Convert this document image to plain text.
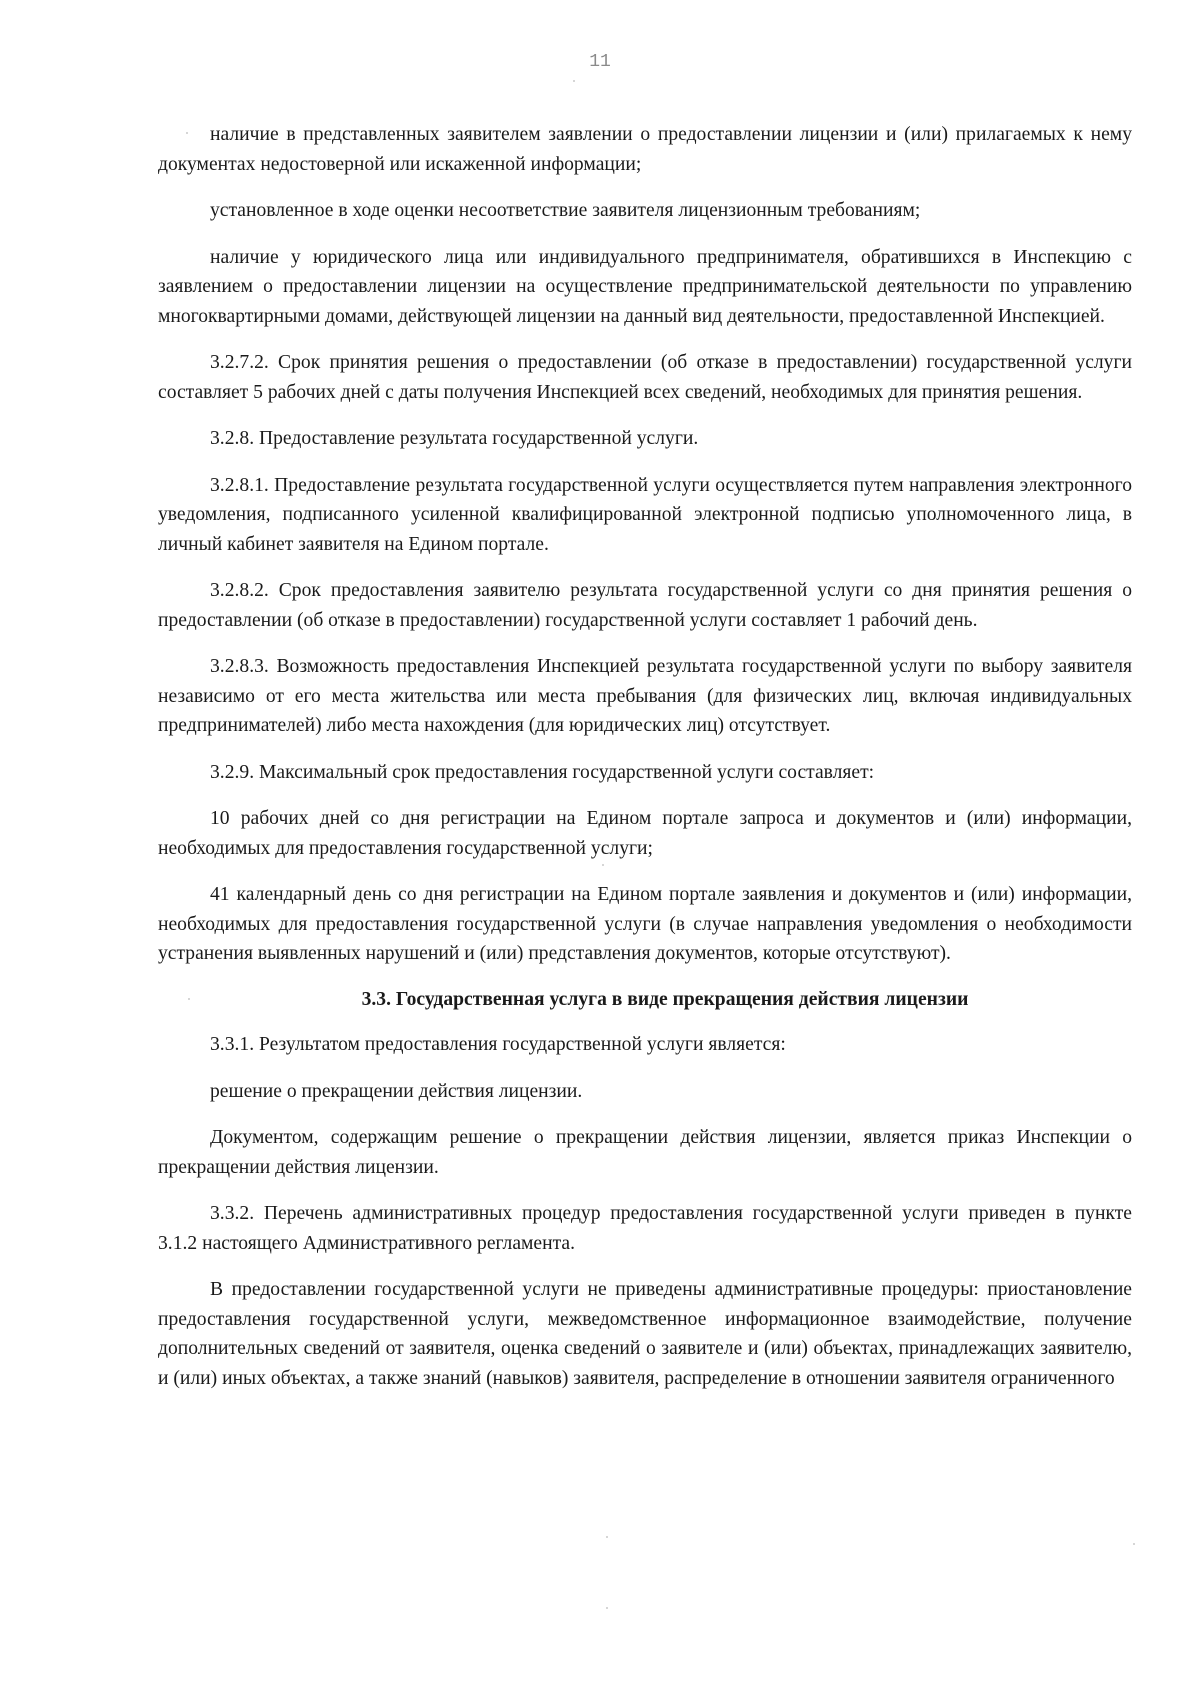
11

наличие в представленных заявителем заявлении о предоставлении лицензии и (или) прилагаемых к нему документах недостоверной или искаженной информации;

установленное в ходе оценки несоответствие заявителя лицензионным требованиям;

наличие у юридического лица или индивидуального предпринимателя, обратившихся в Инспекцию с заявлением о предоставлении лицензии на осуществление предпринимательской деятельности по управлению многоквартирными домами, действующей лицензии на данный вид деятельности, предоставленной Инспекцией.

3.2.7.2. Срок принятия решения о предоставлении (об отказе в предоставлении) государственной услуги составляет 5 рабочих дней с даты получения Инспекцией всех сведений, необходимых для принятия решения.

3.2.8. Предоставление результата государственной услуги.

3.2.8.1. Предоставление результата государственной услуги осуществляется путем направления электронного уведомления, подписанного усиленной квалифицированной электронной подписью уполномоченного лица, в личный кабинет заявителя на Едином портале.

3.2.8.2. Срок предоставления заявителю результата государственной услуги со дня принятия решения о предоставлении (об отказе в предоставлении) государственной услуги составляет 1 рабочий день.

3.2.8.3. Возможность предоставления Инспекцией результата государственной услуги по выбору заявителя независимо от его места жительства или места пребывания (для физических лиц, включая индивидуальных предпринимателей) либо места нахождения (для юридических лиц) отсутствует.

3.2.9. Максимальный срок предоставления государственной услуги составляет:

10 рабочих дней со дня регистрации на Едином портале запроса и документов и (или) информации, необходимых для предоставления государственной услуги;

41 календарный день со дня регистрации на Едином портале заявления и документов и (или) информации, необходимых для предоставления государственной услуги (в случае направления уведомления о необходимости устранения выявленных нарушений и (или) представления документов, которые отсутствуют).

3.3. Государственная услуга в виде прекращения действия лицензии

3.3.1. Результатом предоставления государственной услуги является:

решение о прекращении действия лицензии.

Документом, содержащим решение о прекращении действия лицензии, является приказ Инспекции о прекращении действия лицензии.

3.3.2. Перечень административных процедур предоставления государственной услуги приведен в пункте 3.1.2 настоящего Административного регламента.

В предоставлении государственной услуги не приведены административные процедуры: приостановление предоставления государственной услуги, межведомственное информационное взаимодействие, получение дополнительных сведений от заявителя, оценка сведений о заявителе и (или) объектах, принадлежащих заявителю, и (или) иных объектах, а также знаний (навыков) заявителя, распределение в отношении заявителя ограниченного
